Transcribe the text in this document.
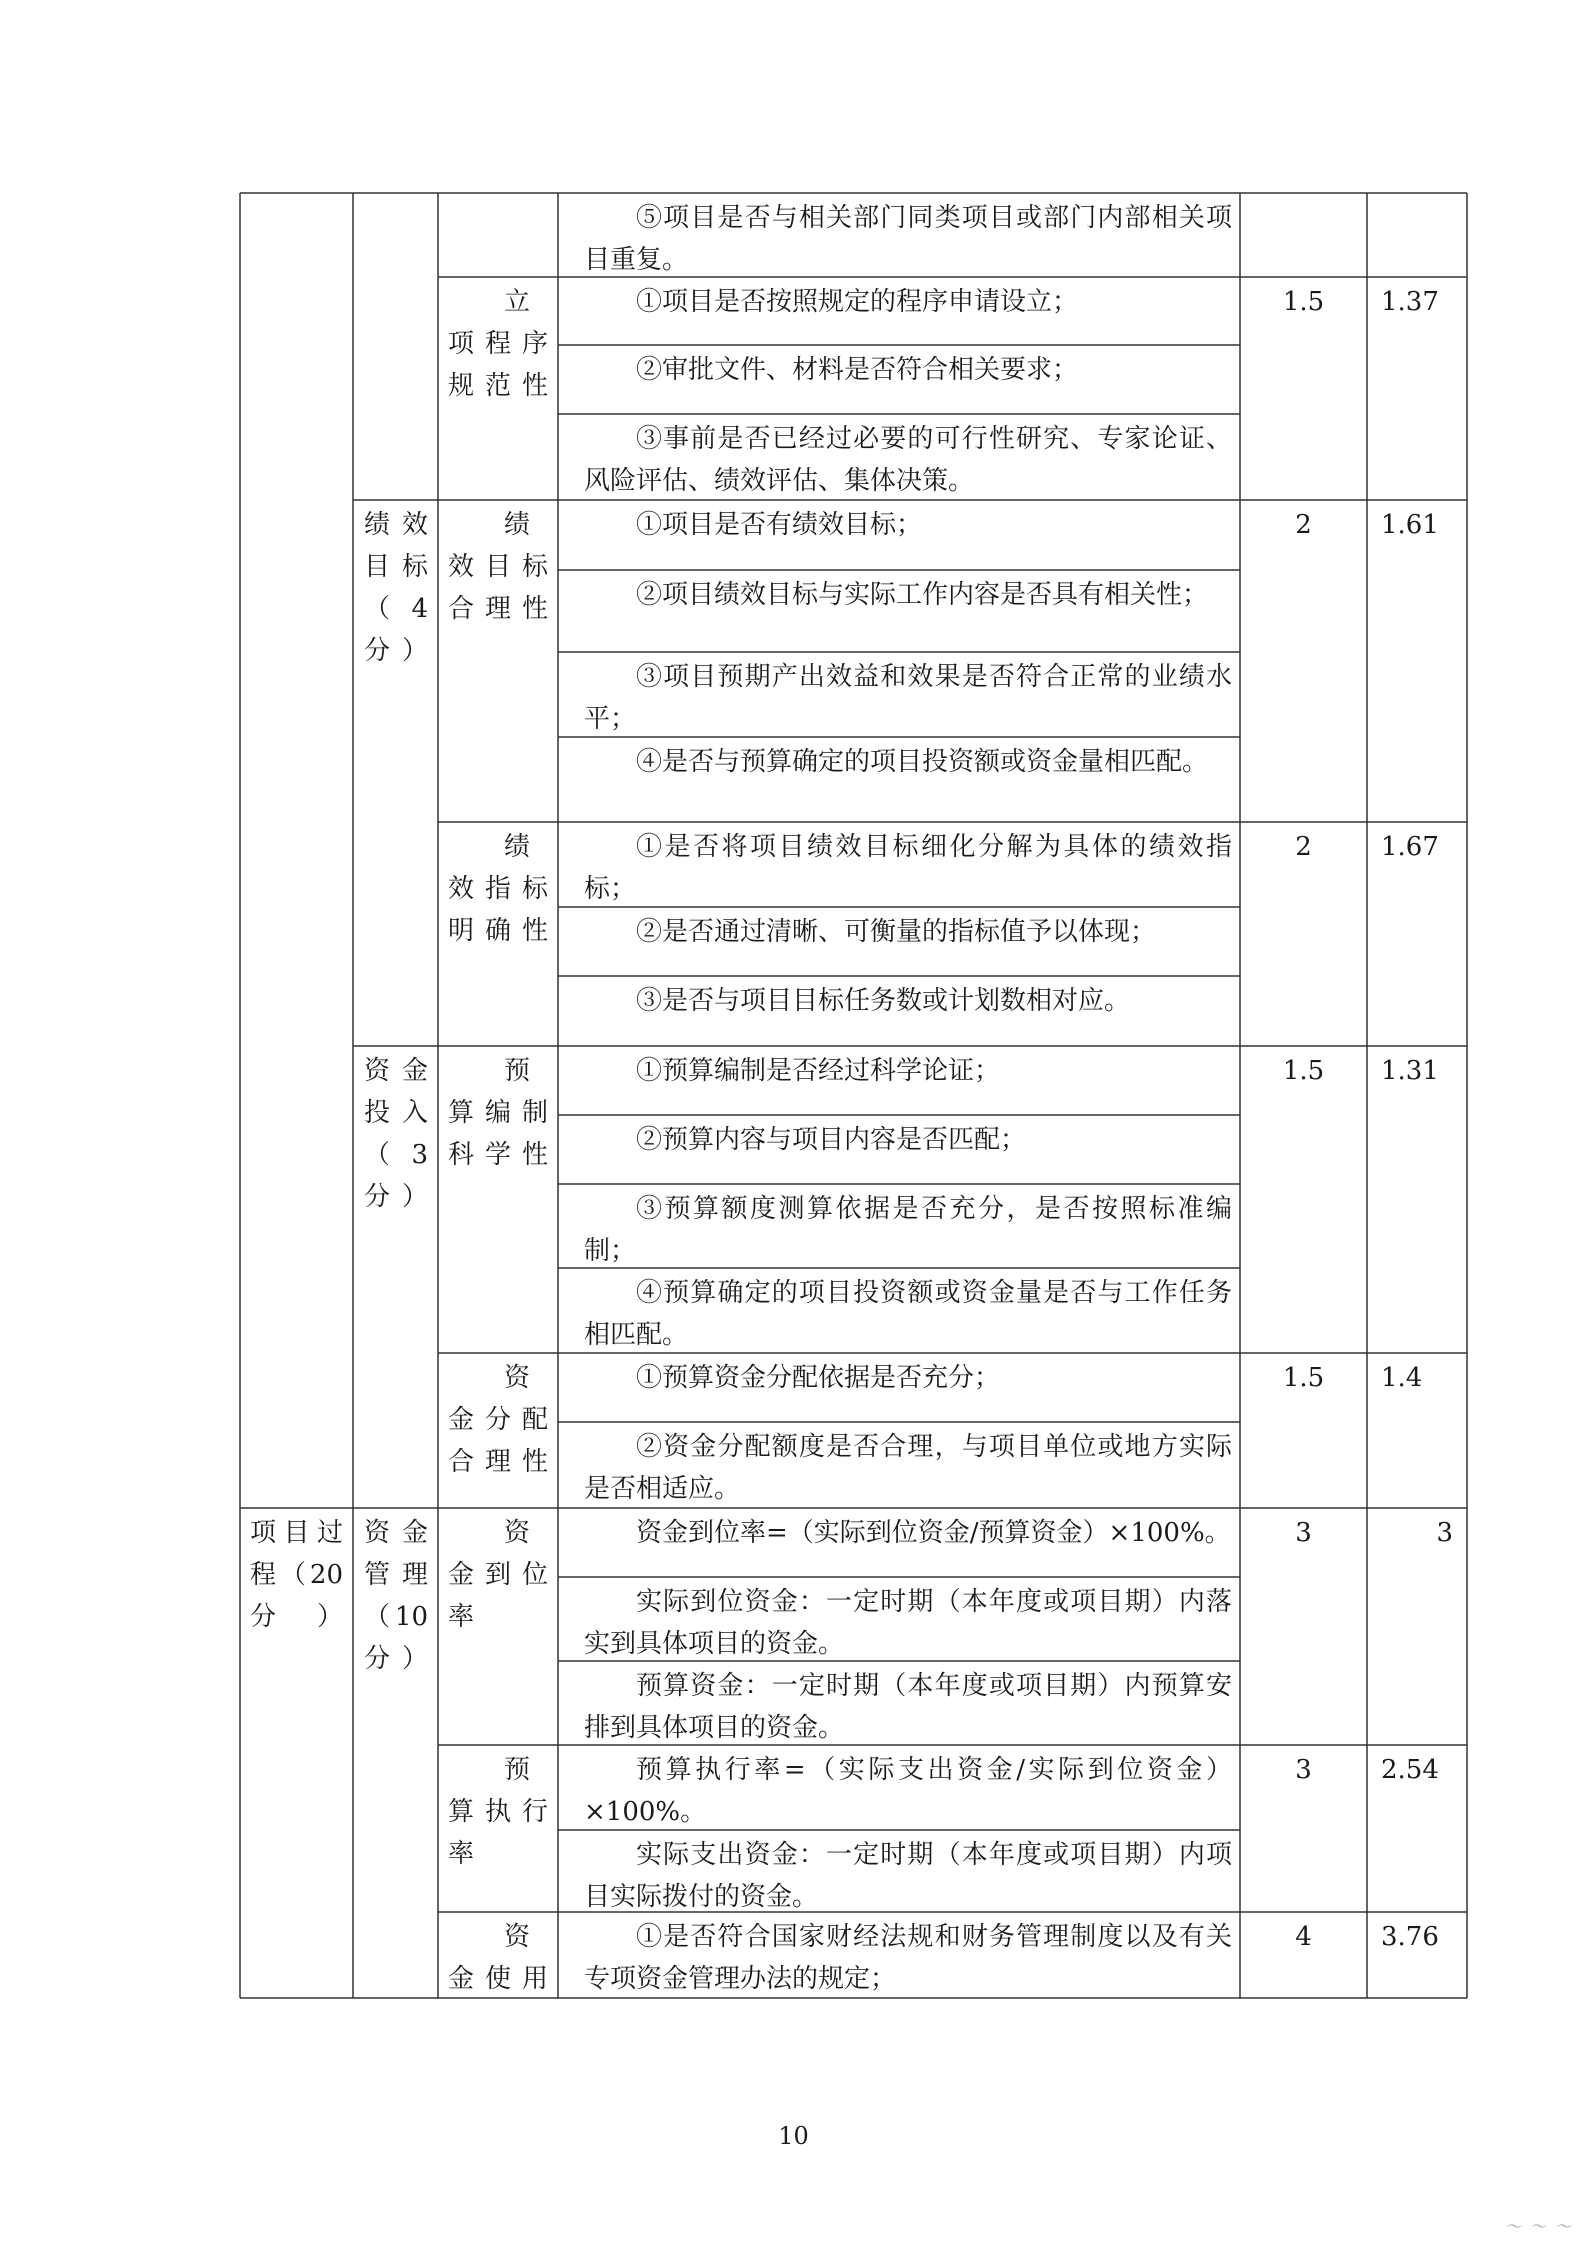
项目过程（20分）
绩效目标（4分）
资金投入（3分）
资金管理（10分）
立项程序规范性
绩效目标合理性
绩效指标明确性
预算编制科学性
资金分配合理性
资金到位率
预算执行率
资金使用
⑤项目是否与相关部门同类项目或部门内部相关项目重复。
①项目是否按照规定的程序申请设立；
②审批文件、材料是否符合相关要求；
③事前是否已经过必要的可行性研究、专家论证、风险评估、绩效评估、集体决策。
①项目是否有绩效目标；
②项目绩效目标与实际工作内容是否具有相关性；
③项目预期产出效益和效果是否符合正常的业绩水平；
④是否与预算确定的项目投资额或资金量相匹配。
①是否将项目绩效目标细化分解为具体的绩效指标；
②是否通过清晰、可衡量的指标值予以体现；
③是否与项目目标任务数或计划数相对应。
①预算编制是否经过科学论证；
②预算内容与项目内容是否匹配；
③预算额度测算依据是否充分，是否按照标准编制；
④预算确定的项目投资额或资金量是否与工作任务相匹配。
①预算资金分配依据是否充分；
②资金分配额度是否合理，与项目单位或地方实际是否相适应。
资金到位率=（实际到位资金/预算资金）×100%。
实际到位资金：一定时期（本年度或项目期）内落实到具体项目的资金。
预算资金：一定时期（本年度或项目期）内预算安排到具体项目的资金。
预算执行率=（实际支出资金/实际到位资金）×100%。
实际支出资金：一定时期（本年度或项目期）内项目实际拨付的资金。
①是否符合国家财经法规和财务管理制度以及有关专项资金管理办法的规定；
1.5
2
2
1.5
1.5
3
3
4
1.37
1.61
1.67
1.31
1.4
3
2.54
3.76
10
～ ～ ～
